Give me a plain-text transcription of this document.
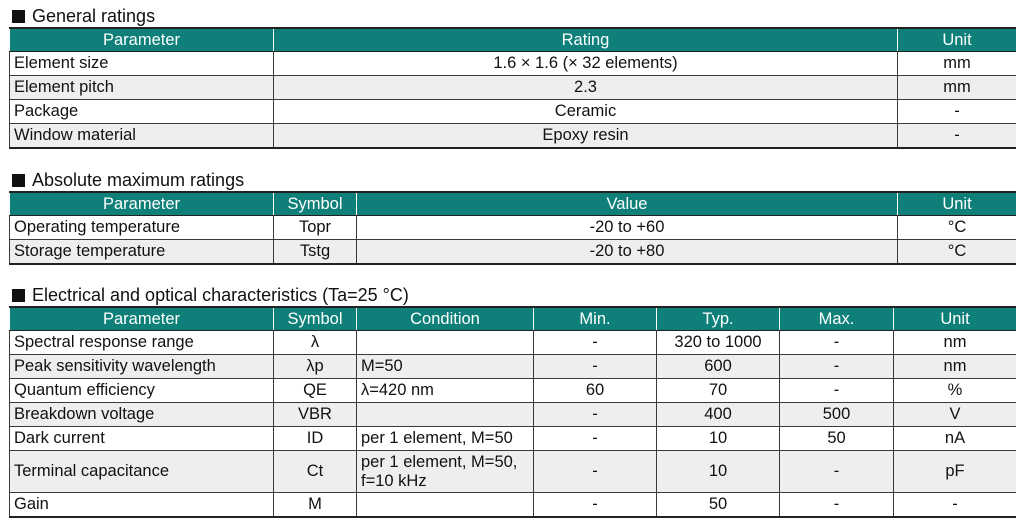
General ratings
Parameter	Rating	Unit
Element size	1.6 × 1.6 (× 32 elements)	mm
Element pitch	2.3	mm
Package	Ceramic	-
Window material	Epoxy resin	-
Absolute maximum ratings
Parameter	Symbol	Value	Unit
Operating temperature	Topr	-20 to +60	°C
Storage temperature	Tstg	-20 to +80	°C
Electrical and optical characteristics (Ta=25 °C)
Parameter	Symbol	Condition	Min.	Typ.	Max.	Unit
Spectral response range	λ		-	320 to 1000	-	nm
Peak sensitivity wavelength	λp	M=50	-	600	-	nm
Quantum efficiency	QE	λ=420 nm	60	70	-	%
Breakdown voltage	VBR		-	400	500	V
Dark current	ID	per 1 element, M=50	-	10	50	nA
Terminal capacitance	Ct	per 1 element, M=50, f=10 kHz	-	10	-	pF
Gain	M		-	50	-	-
